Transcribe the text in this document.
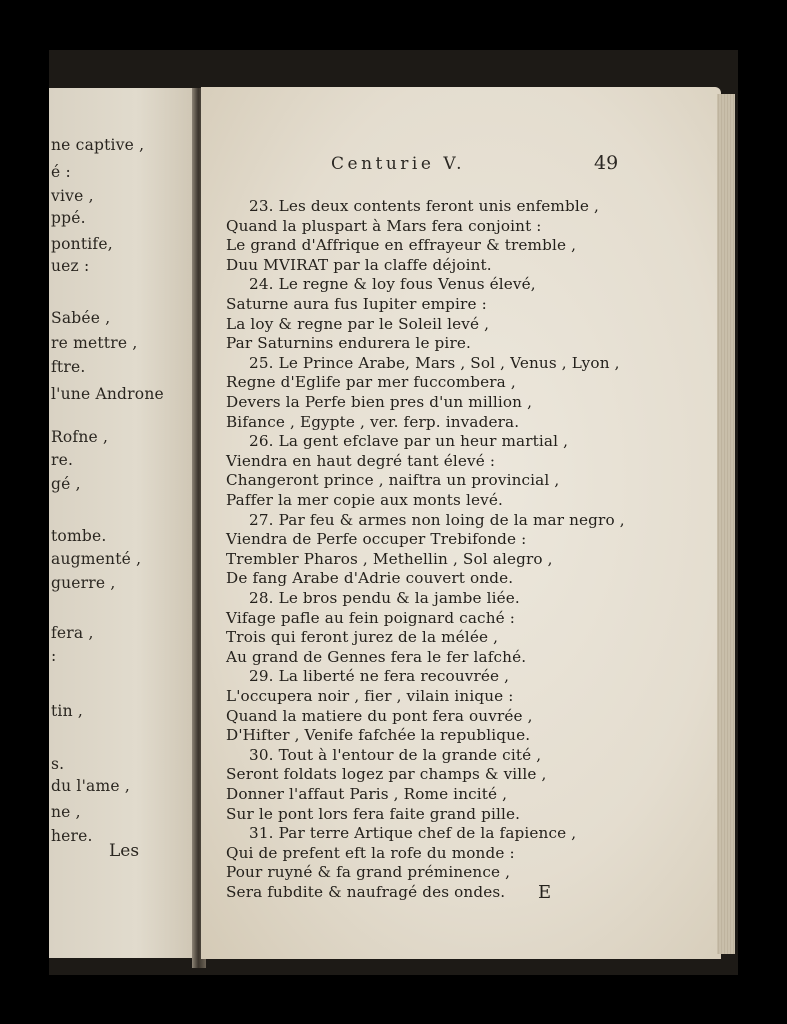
ne captive ,
é :
vive ,
ppé.
pontife,
uez :
Sabée ,
re mettre ,
ftre.
l'une Androne
Rofne ,
re.
gé ,
tombe.
augmenté ,
guerre ,
fera ,
:
tin ,
s.
du l'ame ,
ne ,
here.
Les
Centurie V.	49
23. Les deux contents feront unis enfemble ,
Quand la pluspart à Mars fera conjoint :
Le grand d'Affrique en effrayeur & tremble ,
Duu MVIRAT par la claffe déjoint.
24. Le regne & loy fous Venus élevé,
Saturne aura fus Iupiter empire :
La loy & regne par le Soleil levé ,
Par Saturnins endurera le pire.
25. Le Prince Arabe, Mars , Sol , Venus , Lyon ,
Regne d'Eglife par mer fuccombera ,
Devers la Perfe bien pres d'un million ,
Bifance , Egypte , ver. ferp. invadera.
26. La gent efclave par un heur martial ,
Viendra en haut degré tant élevé :
Changeront prince , naiftra un provincial ,
Paffer la mer copie aux monts levé.
27. Par feu & armes non loing de la mar negro ,
Viendra de Perfe occuper Trebifonde :
Trembler Pharos , Methellin , Sol alegro ,
De fang Arabe d'Adrie couvert onde.
28. Le bros pendu & la jambe liée.
Vifage pafle au fein poignard caché :
Trois qui feront jurez de la mélée ,
Au grand de Gennes fera le fer lafché.
29. La liberté ne fera recouvrée ,
L'occupera noir , fier , vilain inique :
Quand la matiere du pont fera ouvrée ,
D'Hifter , Venife fafchée la republique.
30. Tout à l'entour de la grande cité ,
Seront foldats logez par champs & ville ,
Donner l'affaut Paris , Rome incité ,
Sur le pont lors fera faite grand pille.
31. Par terre Artique chef de la fapience ,
Qui de prefent eft la rofe du monde :
Pour ruyné & fa grand préminence ,
Sera fubdite & naufragé des ondes. E
